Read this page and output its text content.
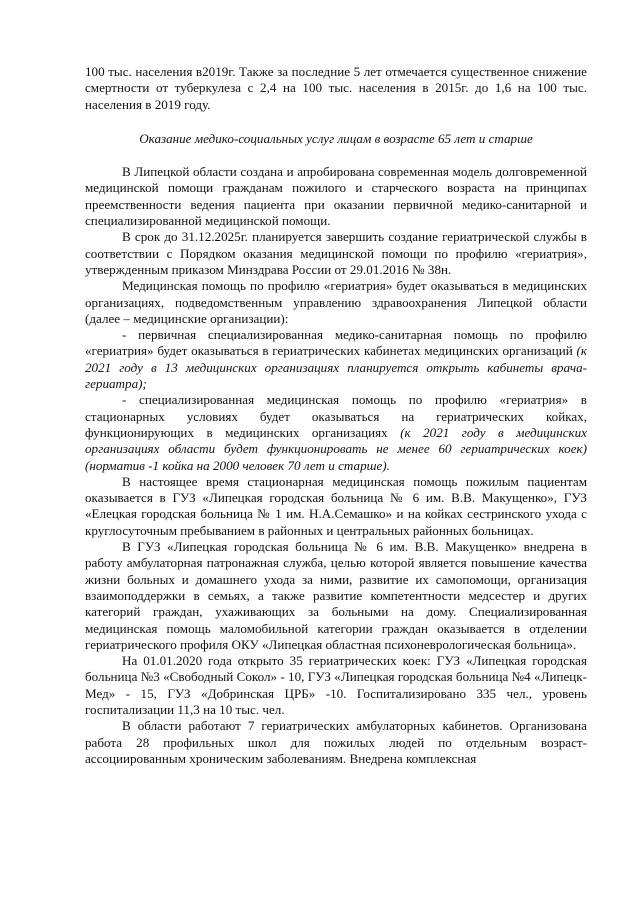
100 тыс. населения в2019г. Также за последние 5 лет отмечается существенное снижение смертности от туберкулеза с 2,4 на 100 тыс. населения в 2015г. до 1,6 на 100 тыс. населения в 2019 году.

Оказание медико-социальных услуг лицам в возрасте 65 лет и старше

В Липецкой области создана и апробирована современная модель долговременной медицинской помощи гражданам пожилого и старческого возраста на принципах преемственности ведения пациента при оказании первичной медико-санитарной и специализированной медицинской помощи.

В срок до 31.12.2025г. планируется завершить создание гериатрической службы в соответствии с Порядком оказания медицинской помощи по профилю «гериатрия», утвержденным приказом Минздрава России от 29.01.2016 № 38н.

Медицинская помощь по профилю «гериатрия» будет оказываться в медицинских организациях, подведомственным управлению здравоохранения Липецкой области (далее – медицинские организации):

- первичная специализированная медико-санитарная помощь по профилю «гериатрия» будет оказываться в гериатрических кабинетах медицинских организаций (к 2021 году в 13 медицинских организациях планируется открыть кабинеты врача-гериатра);

- специализированная медицинская помощь по профилю «гериатрия» в стационарных условиях будет оказываться на гериатрических койках, функционирующих в медицинских организациях (к 2021 году в медицинских организациях области будет функционировать не менее 60 гериатрических коек) (норматив -1 койка на 2000 человек 70 лет и старше).

В настоящее время стационарная медицинская помощь пожилым пациентам оказывается в ГУЗ «Липецкая городская больница № 6 им. В.В. Макущенко», ГУЗ «Елецкая городская больница № 1 им. Н.А.Семашко» и на койках сестринского ухода с круглосуточным пребыванием в районных и центральных районных больницах.

В ГУЗ «Липецкая городская больница № 6 им. В.В. Макущенко» внедрена в работу амбулаторная патронажная служба, целью которой является повышение качества жизни больных и домашнего ухода за ними, развитие их самопомощи, организация взаимоподдержки в семьях, а также развитие компетентности медсестер и других категорий граждан, ухаживающих за больными на дому. Специализированная медицинская помощь маломобильной категории граждан оказывается в отделении гериатрического профиля ОКУ «Липецкая областная психоневрологическая больница».

На 01.01.2020 года открыто 35 гериатрических коек: ГУЗ «Липецкая городская больница №3 «Свободный Сокол» - 10, ГУЗ «Липецкая городская больница №4 «Липецк-Мед» - 15, ГУЗ «Добринская ЦРБ» -10. Госпитализировано 335 чел., уровень госпитализации 11,3 на 10 тыс. чел.

В области работают 7 гериатрических амбулаторных кабинетов. Организована работа 28 профильных школ для пожилых людей по отдельным возраст-ассоциированным хроническим заболеваниям. Внедрена комплексная
